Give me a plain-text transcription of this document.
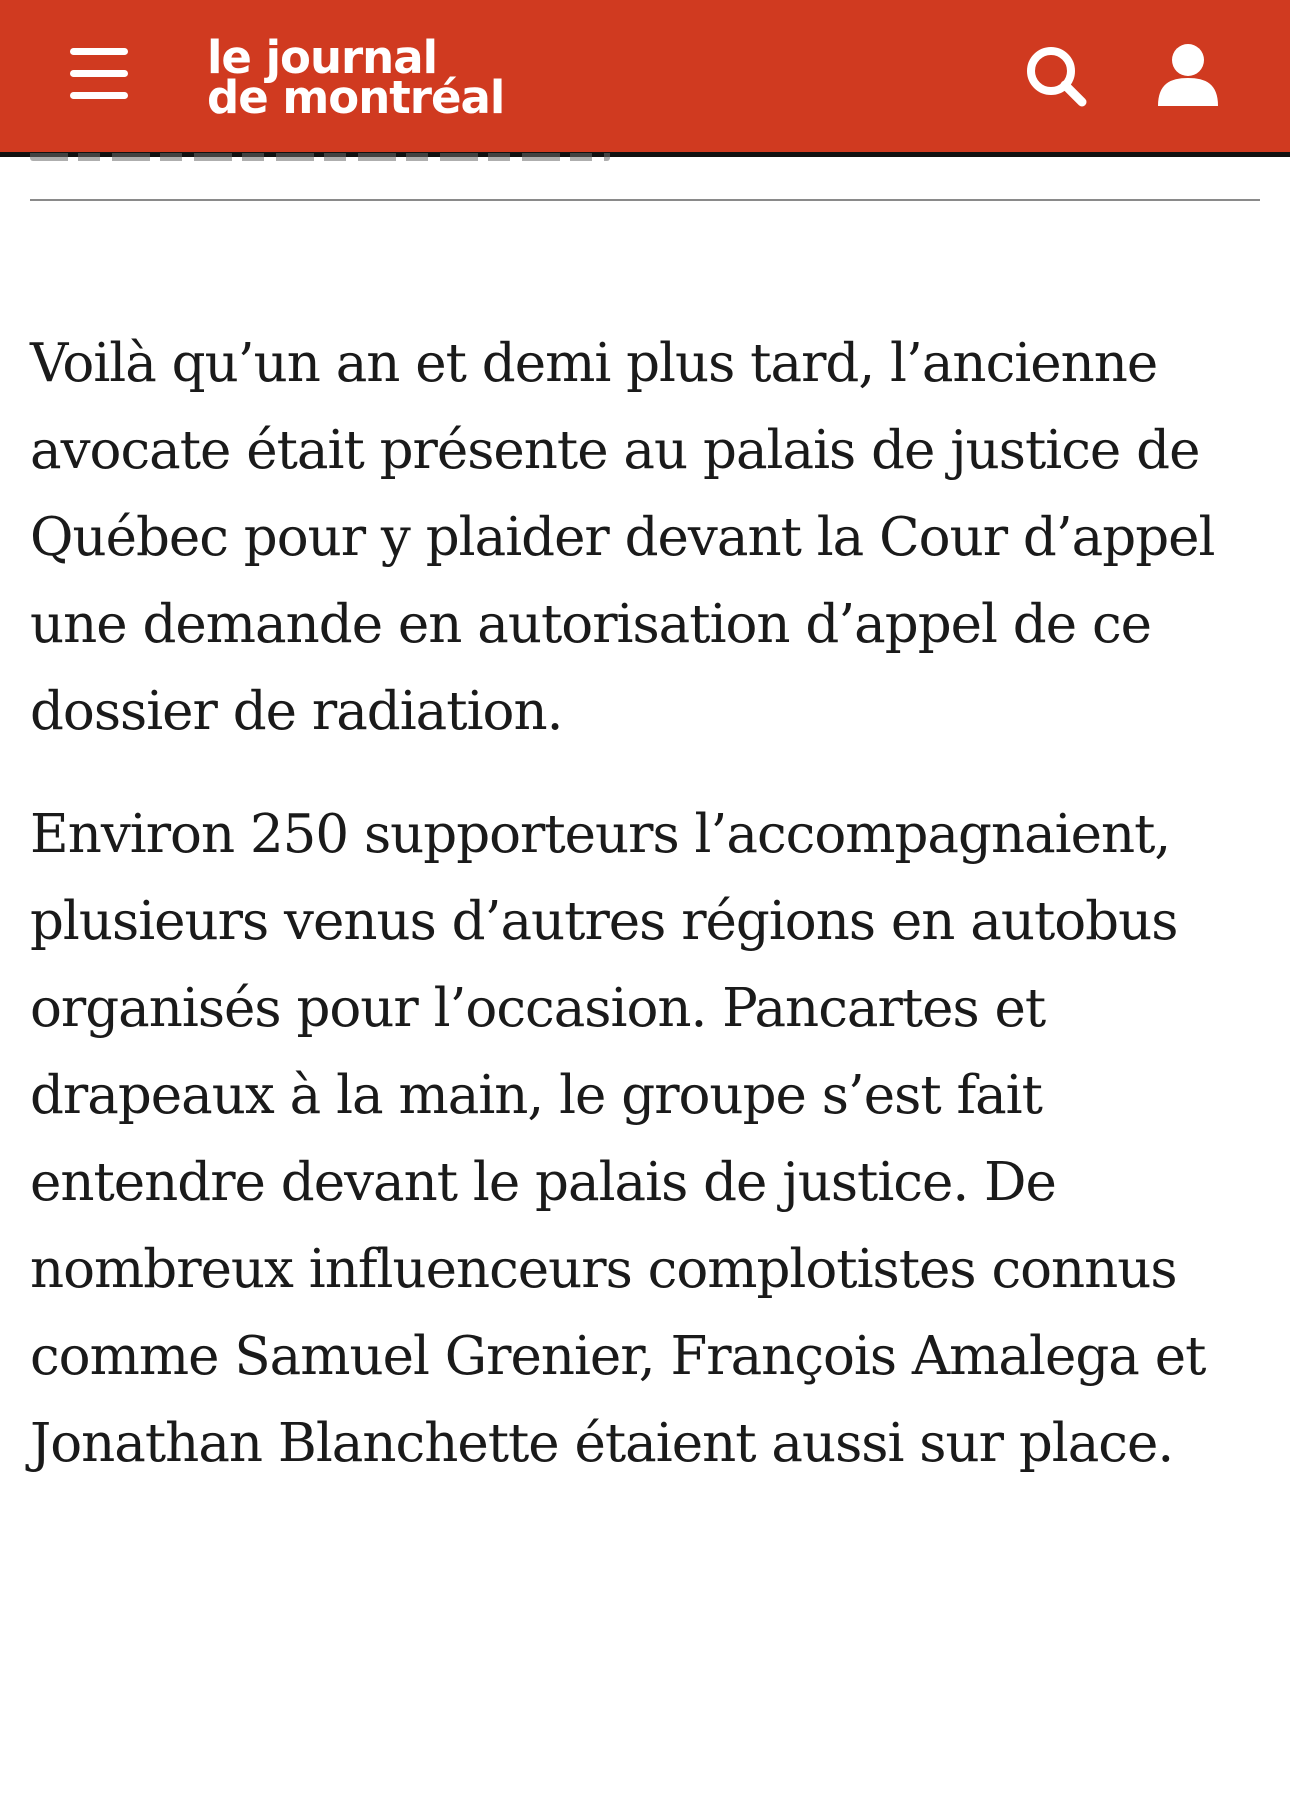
le journal
de montréal

Voilà qu’un an et demi plus tard, l’ancienne avocate était présente au palais de justice de Québec pour y plaider devant la Cour d’appel une demande en autorisation d’appel de ce dossier de radiation.

Environ 250 supporteurs l’accompagnaient, plusieurs venus d’autres régions en autobus organisés pour l’occasion. Pancartes et drapeaux à la main, le groupe s’est fait entendre devant le palais de justice. De nombreux influenceurs complotistes connus comme Samuel Grenier, François Amalega et Jonathan Blanchette étaient aussi sur place.
